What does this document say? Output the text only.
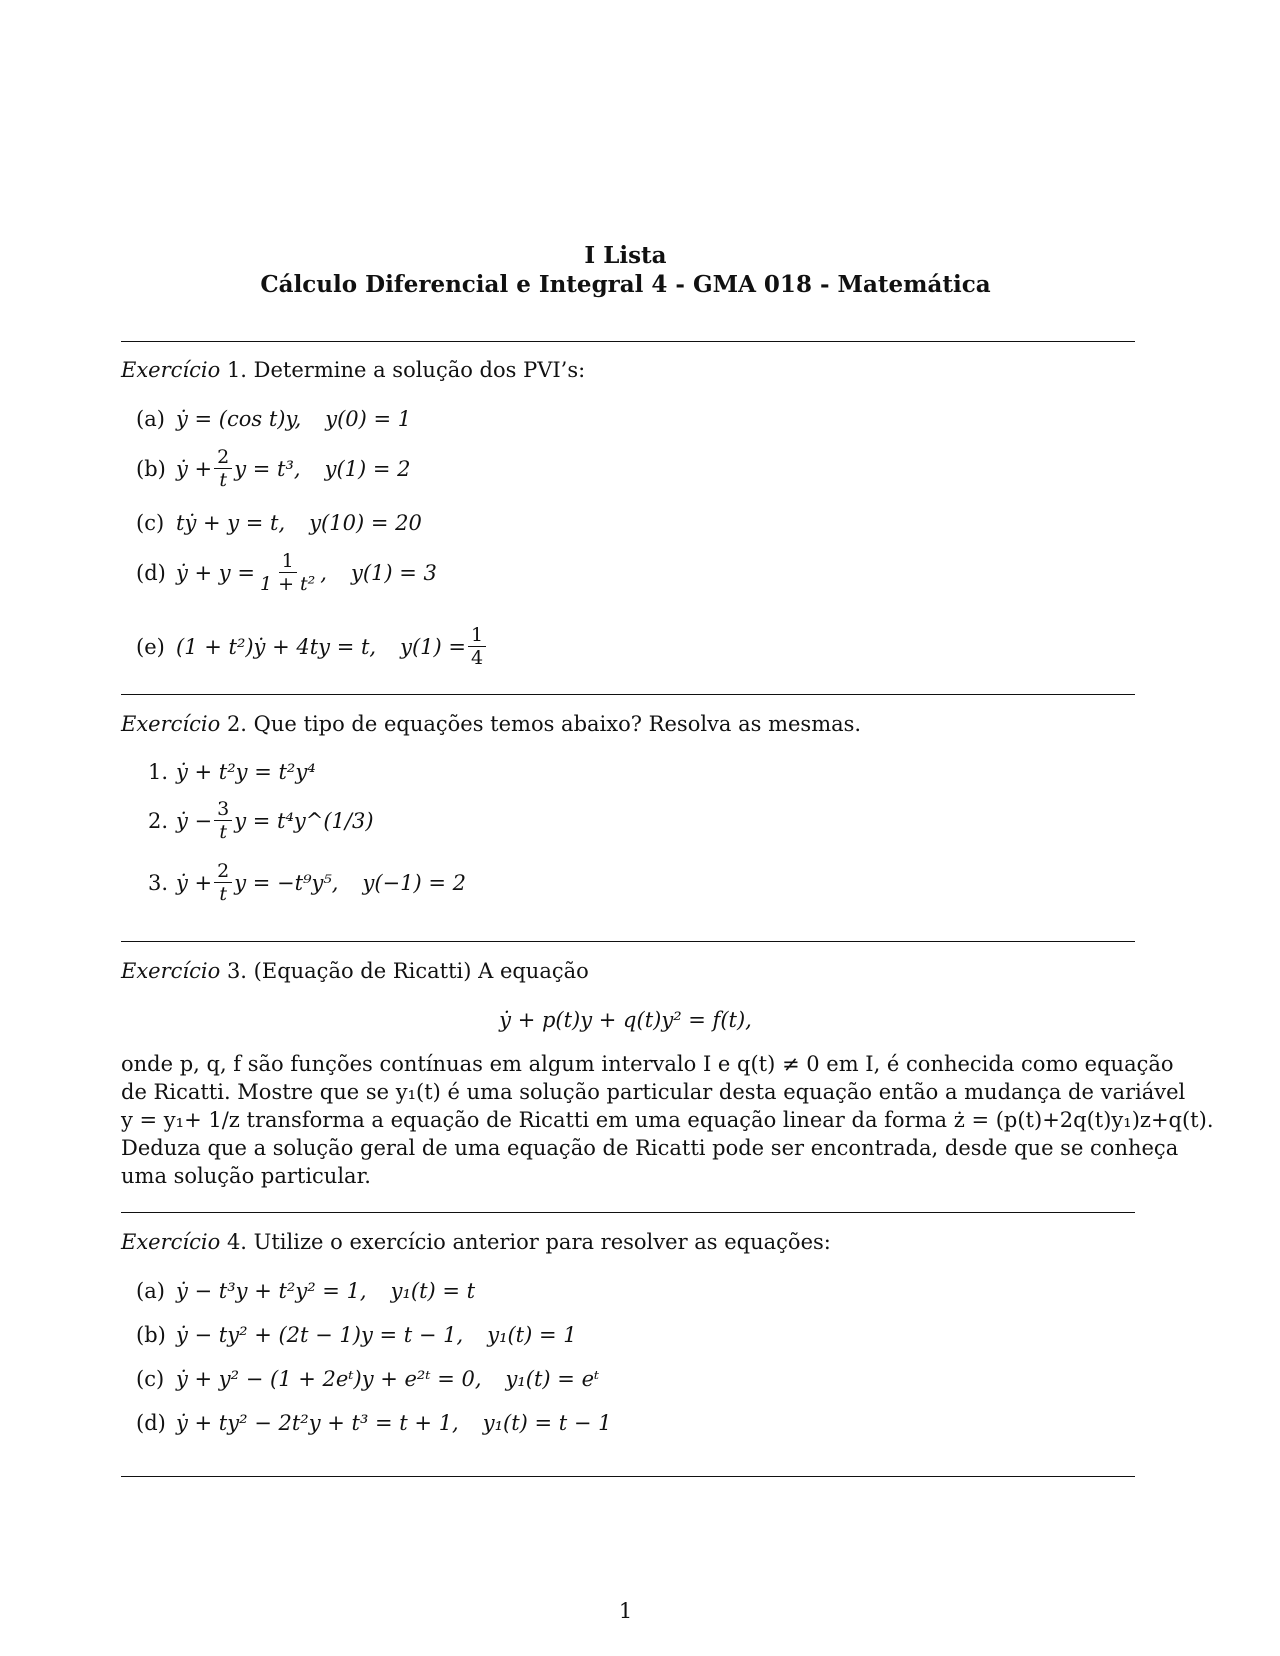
I Lista
Cálculo Diferencial e Integral 4 - GMA 018 - Matemática
Exercício 1. Determine a solução dos PVI’s:
(a) ẏ = (cos t)y, y(0) = 1
(b) ẏ + $\frac{2}{t}$ y = t³, y(1) = 2
(c) tẏ + y = t, y(10) = 20
(d) ẏ + $y = \frac{1}{\text{1 + t²}}$ , y(1) = 3
(e) (1 + t²)ẏ + 4ty = t, $y(1) = \frac{1}{4}$
Exercício 2. Que tipo de equações temos abaixo? Resolva as mesmas.
1. ẏ + t²y = t²y⁴
2. ẏ − $\frac{3}{t}$ y = t⁴y^(1/3)
3. ẏ + $\frac{2}{t}$ y = −t⁹y⁵, y(−1) = 2
Exercício 3. (Equação de Ricatti) A equação
ẏ + p(t)y + q(t)y² = f(t),
onde p, q, f são funções contínuas em algum intervalo I e q(t) ≠ 0 em I, é conhecida como equação
de Ricatti. Mostre que se y₁(t) é uma solução particular desta equação então a mudança de variável
y = y₁+ 1/z transforma a equação de Ricatti em uma equação linear da forma ż = (p(t)+2q(t)y₁)z+q(t).
Deduza que a solução geral de uma equação de Ricatti pode ser encontrada, desde que se conheça
uma solução particular.
Exercício 4. Utilize o exercício anterior para resolver as equações:
(a) ẏ − t³y + t²y² = 1, y₁(t) = t
(b) ẏ − ty² + (2t − 1)y = t − 1, y₁(t) = 1
(c) ẏ + y² − (1 + 2eᵗ)y + e²ᵗ = 0, y₁(t) = eᵗ
(d) ẏ + ty² − 2t²y + t³ = t + 1, y₁(t) = t − 1
1
